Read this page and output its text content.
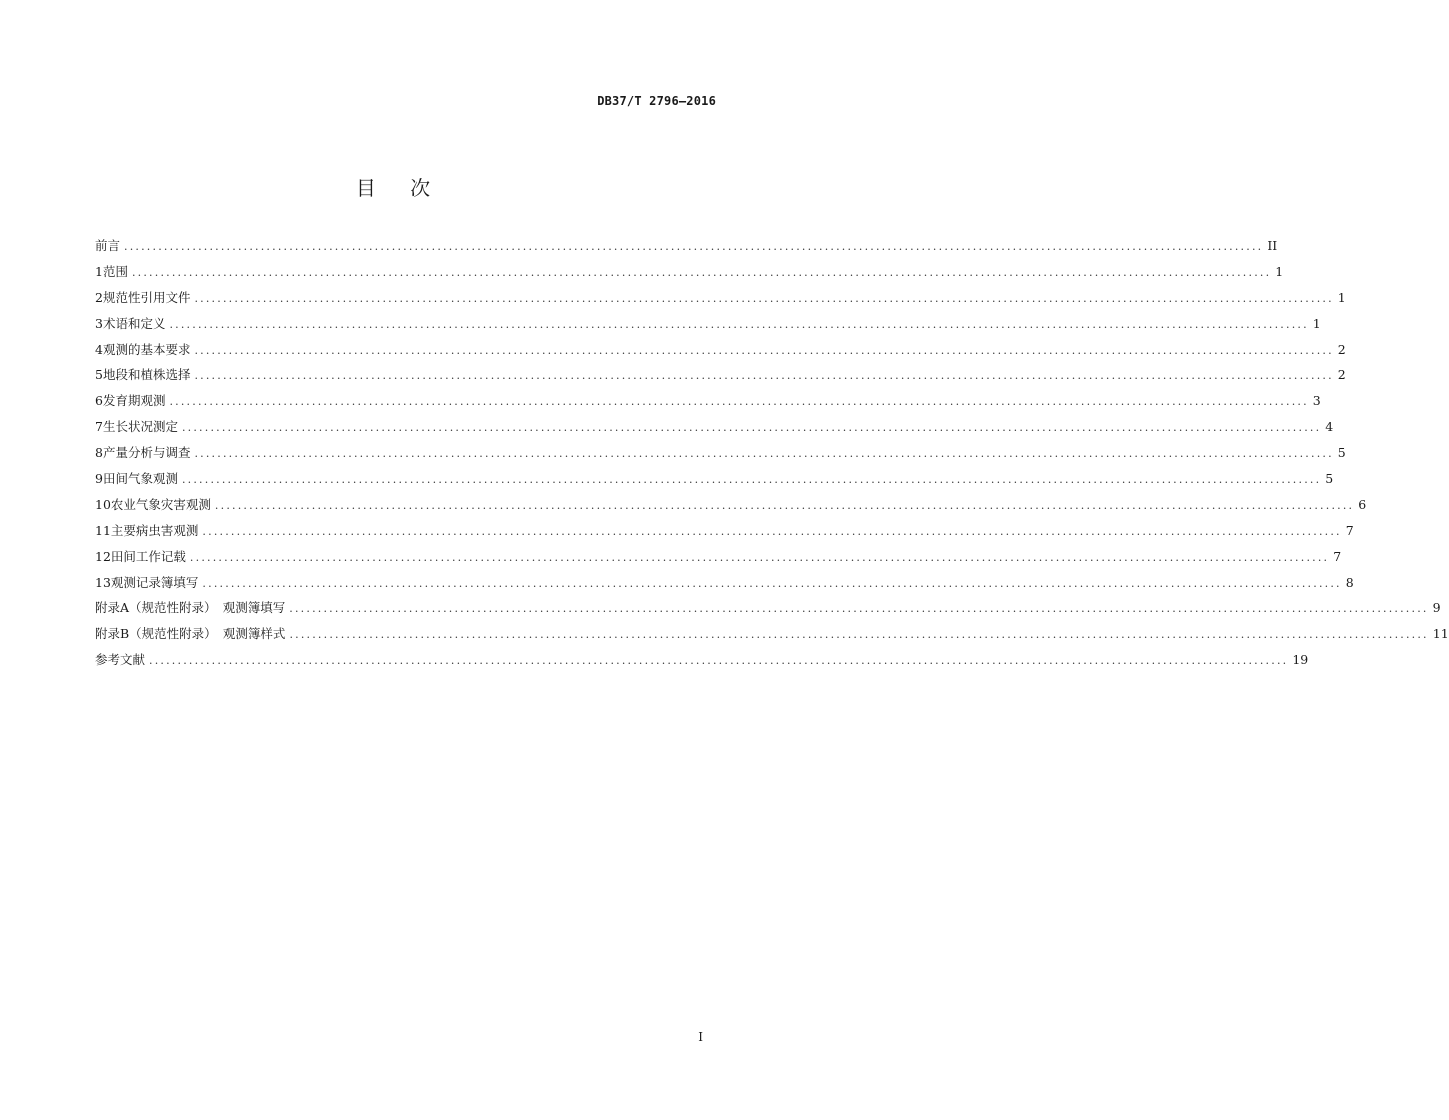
DB37/T 2796—2016
目 次
前言 ........................................................................................................................................................................................................ II
1 范围 ........................................................................................................................................................................................................ 1
2 规范性引用文件 ........................................................................................................................................................................................................ 1
3 术语和定义 ........................................................................................................................................................................................................ 1
4 观测的基本要求 ........................................................................................................................................................................................................ 2
5 地段和植株选择 ........................................................................................................................................................................................................ 2
6 发育期观测 ........................................................................................................................................................................................................ 3
7 生长状况测定 ........................................................................................................................................................................................................ 4
8 产量分析与调查 ........................................................................................................................................................................................................ 5
9 田间气象观测 ........................................................................................................................................................................................................ 5
10 农业气象灾害观测 ........................................................................................................................................................................................................ 6
11 主要病虫害观测 ........................................................................................................................................................................................................ 7
12 田间工作记载 ........................................................................................................................................................................................................ 7
13 观测记录簿填写 ........................................................................................................................................................................................................ 8
附录A（规范性附录）　观测簿填写 ........................................................................................................................................................................................................ 9
附录B（规范性附录）　观测簿样式 ........................................................................................................................................................................................................ 11
参考文献 ........................................................................................................................................................................................................ 19
I
